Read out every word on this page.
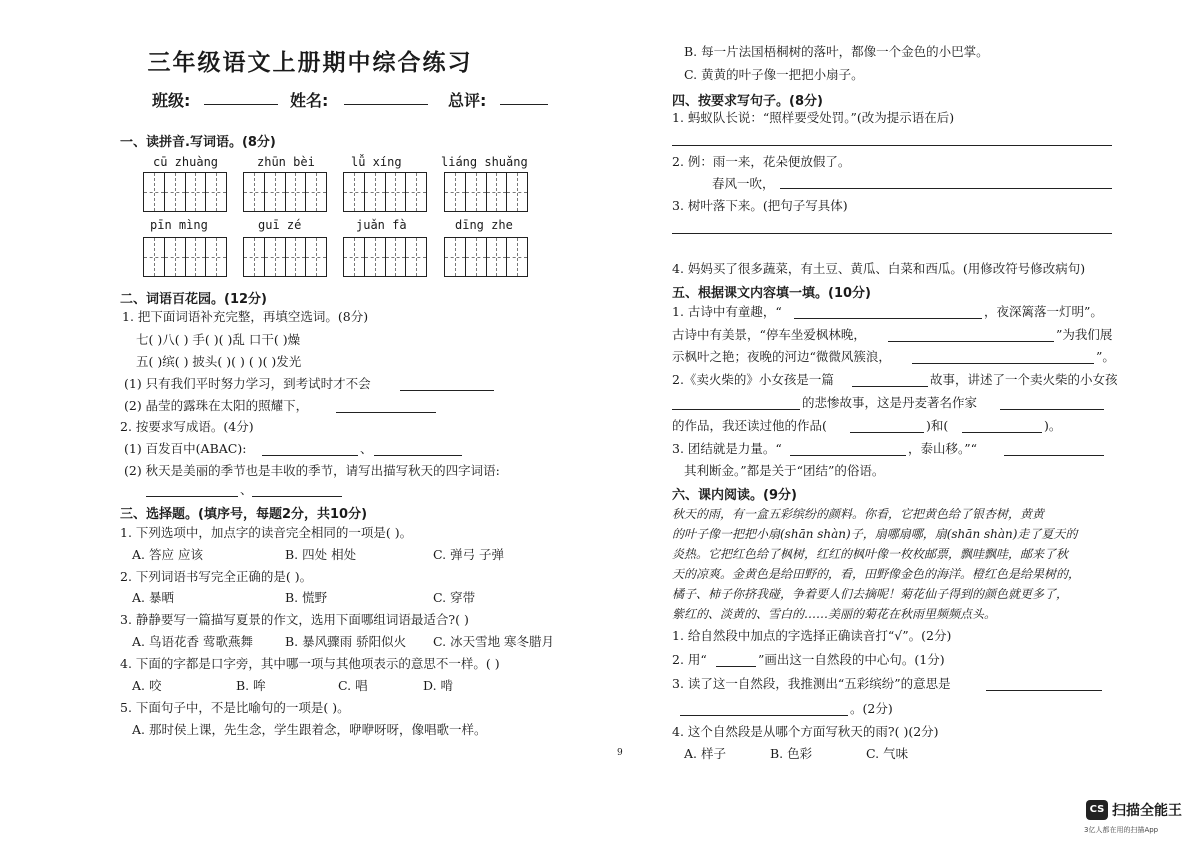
三年级语文上册期中综合练习
班级:	姓名:	总评:
一、读拼音.写词语。(8分)
cū zhuàng	zhūn bèi	lǚ xíng	liáng shuǎng
pīn mìng	guī zé	juǎn fà	dīng zhe
二、词语百花园。(12分)
1. 把下面词语补充完整，再填空选词。(8分)
七( )八( ) 手( )( )乱 口干( )燥
五( )缤( ) 披头( )( ) ( )( )发光
(1) 只有我们平时努力学习，到考试时才不会
(2) 晶莹的露珠在太阳的照耀下，
2. 按要求写成语。(4分)
(1) 百发百中(ABAC):	、
(2) 秋天是美丽的季节也是丰收的季节，请写出描写秋天的四字词语:
、
三、选择题。(填序号，每题2分，共10分)
1. 下列选项中，加点字的读音完全相同的一项是( )。
A. 答应 应该	B. 四处 相处	C. 弹弓 子弹
2. 下列词语书写完全正确的是( )。
A. 暴晒	B. 慌野	C. 穿带
3. 静静要写一篇描写夏景的作文，选用下面哪组词语最适合?( )
A. 鸟语花香 莺歌燕舞	B. 暴风骤雨 骄阳似火 C. 冰天雪地 寒冬腊月
4. 下面的字都是口字旁，其中哪一项与其他项表示的意思不一样。( )
A. 咬	B. 哞	C. 唱	D. 啃
5. 下面句子中，不是比喻句的一项是( )。
A. 那时侯上课，先生念，学生跟着念，咿咿呀呀，像唱歌一样。
9
B. 每一片法国梧桐树的落叶，都像一个金色的小巴掌。
C. 黄黄的叶子像一把把小扇子。
四、按要求写句子。(8分)
1. 蚂蚁队长说：“照样要受处罚。”(改为提示语在后)
2. 例：雨一来，花朵便放假了。
春风一吹，
3. 树叶落下来。(把句子写具体)
4. 妈妈买了很多蔬菜，有土豆、黄瓜、白菜和西瓜。(用修改符号修改病句)
五、根据课文内容填一填。(10分)
1. 古诗中有童趣，“	，夜深篱落一灯明”。
古诗中有美景，“停车坐爱枫林晚，	”为我们展
示枫叶之艳；夜晚的河边“微微风簇浪，	”。
2.《卖火柴的》小女孩是一篇	故事，讲述了一个卖火柴的小女孩
的悲惨故事，这是丹麦著名作家
的作品，我还读过他的作品(	)和(	)。
3. 团结就是力量。“	，泰山移。”“
其利断金。”都是关于“团结”的俗语。
六、课内阅读。(9分)
秋天的雨，有一盒五彩缤纷的颜料。你看，它把黄色给了银杏树，黄黄
的叶子像一把把小扇(shān shàn)子，扇哪扇哪，扇(shān shàn)走了夏天的
炎热。它把红色给了枫树，红红的枫叶像一枚枚邮票，飘哇飘哇，邮来了秋
天的凉爽。金黄色是给田野的，看，田野像金色的海洋。橙红色是给果树的，
橘子、柿子你挤我碰，争着要人们去摘呢！菊花仙子得到的颜色就更多了，
紫红的、淡黄的、雪白的……美丽的菊花在秋雨里频频点头。
1. 给自然段中加点的字选择正确读音打“√”。(2分)
2. 用“	”画出这一自然段的中心句。(1分)
3. 读了这一自然段，我推测出“五彩缤纷”的意思是
。(2分)
4. 这个自然段是从哪个方面写秋天的雨?( )(2分)
A. 样子	B. 色彩	C. 气味
CS 扫描全能王
3亿人都在用的扫描App
